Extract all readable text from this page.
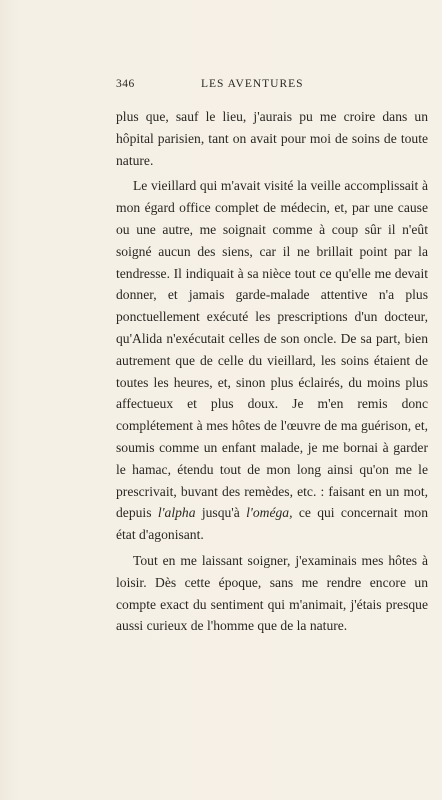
346	LES AVENTURES

plus que, sauf le lieu, j'aurais pu me croire dans un hôpital parisien, tant on avait pour moi de soins de toute nature.

Le vieillard qui m'avait visité la veille accomplissait à mon égard office complet de médecin, et, par une cause ou une autre, me soignait comme à coup sûr il n'eût soigné aucun des siens, car il ne brillait point par la tendresse. Il indiquait à sa nièce tout ce qu'elle me devait donner, et jamais garde-malade attentive n'a plus ponctuellement exécuté les prescriptions d'un docteur, qu'Alida n'exécutait celles de son oncle. De sa part, bien autrement que de celle du vieillard, les soins étaient de toutes les heures, et, sinon plus éclairés, du moins plus affectueux et plus doux. Je m'en remis donc complétement à mes hôtes de l'œuvre de ma guérison, et, soumis comme un enfant malade, je me bornai à garder le hamac, étendu tout de mon long ainsi qu'on me le prescrivait, buvant des remèdes, etc. : faisant en un mot, depuis l'alpha jusqu'à l'oméga, ce qui concernait mon état d'agonisant.

Tout en me laissant soigner, j'examinais mes hôtes à loisir. Dès cette époque, sans me rendre encore un compte exact du sentiment qui m'animait, j'étais presque aussi curieux de l'homme que de la nature.
